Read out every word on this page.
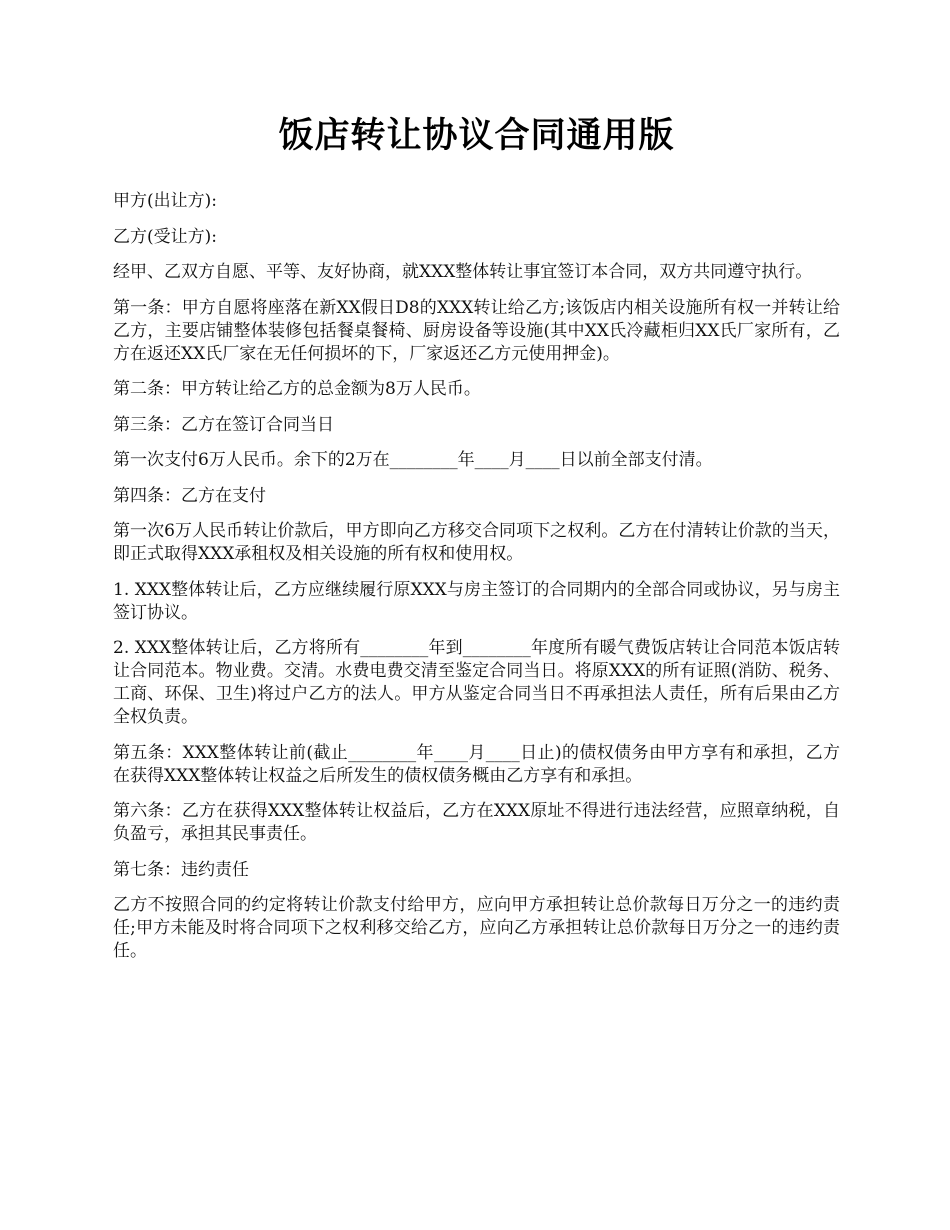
饭店转让协议合同通用版

甲方(出让方):

乙方(受让方):

经甲、乙双方自愿、平等、友好协商，就XXX整体转让事宜签订本合同，双方共同遵守执行。

第一条：甲方自愿将座落在新XX假日D8的XXX转让给乙方;该饭店内相关设施所有权一并转让给乙方，主要店铺整体装修包括餐桌餐椅、厨房设备等设施(其中XX氏冷藏柜归XX氏厂家所有，乙方在返还XX氏厂家在无任何损坏的下，厂家返还乙方元使用押金)。

第二条：甲方转让给乙方的总金额为8万人民币。

第三条：乙方在签订合同当日

第一次支付6万人民币。余下的2万在________年____月____日以前全部支付清。

第四条：乙方在支付

第一次6万人民币转让价款后，甲方即向乙方移交合同项下之权利。乙方在付清转让价款的当天，即正式取得XXX承租权及相关设施的所有权和使用权。

1. XXX整体转让后，乙方应继续履行原XXX与房主签订的合同期内的全部合同或协议，另与房主签订协议。

2. XXX整体转让后，乙方将所有________年到________年度所有暖气费饭店转让合同范本饭店转让合同范本。物业费。交清。水费电费交清至鉴定合同当日。将原XXX的所有证照(消防、税务、工商、环保、卫生)将过户乙方的法人。甲方从鉴定合同当日不再承担法人责任，所有后果由乙方全权负责。

第五条：XXX整体转让前(截止________年____月____日止)的债权债务由甲方享有和承担，乙方在获得XXX整体转让权益之后所发生的债权债务概由乙方享有和承担。

第六条：乙方在获得XXX整体转让权益后，乙方在XXX原址不得进行违法经营，应照章纳税，自负盈亏，承担其民事责任。

第七条：违约责任

乙方不按照合同的约定将转让价款支付给甲方，应向甲方承担转让总价款每日万分之一的违约责任;甲方未能及时将合同项下之权利移交给乙方，应向乙方承担转让总价款每日万分之一的违约责任。
